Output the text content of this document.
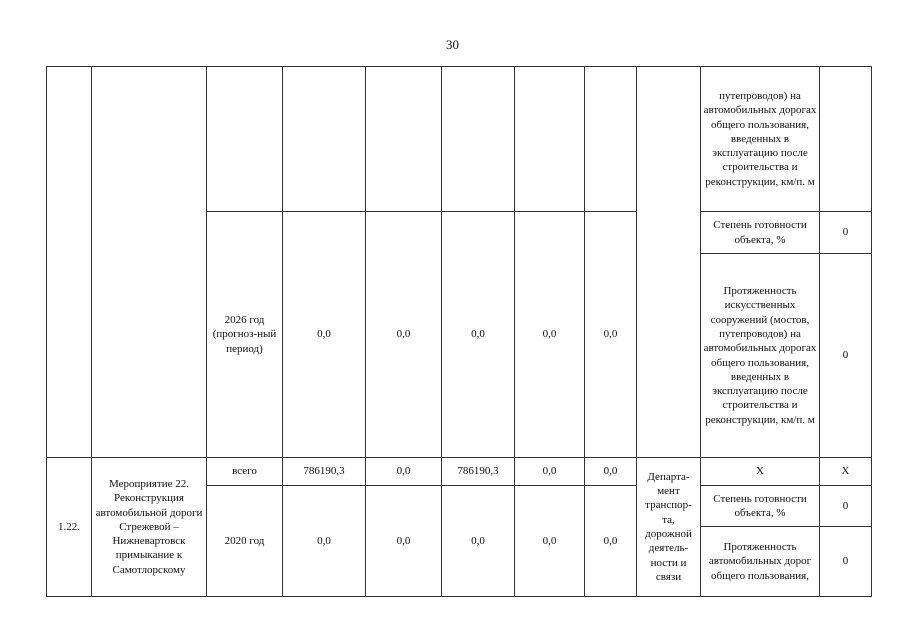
30
									путепроводов) на автомобильных дорогах общего пользования, введенных в эксплуатацию после строительства и реконструкции, км/п. м	
		2026 год (прогноз-ный период)	0,0	0,0	0,0	0,0	0,0		Степень готовности объекта, %	0
									Протяженность искусственных сооружений (мостов, путепроводов) на автомобильных дорогах общего пользования, введенных в эксплуатацию после строительства и реконструкции, км/п. м	0
1.22.	Мероприятие 22. Реконструкция автомобильной дороги Стрежевой – Нижневартовск примыкание к Самотлорскому	всего	786190,3	0,0	786190,3	0,0	0,0	Департа-мент транспор-та, дорожной деятель-ности и связи	Х	Х
		2020 год	0,0	0,0	0,0	0,0	0,0		Степень готовности объекта, %	0
									Протяженность автомобильных дорог общего пользования,	0
